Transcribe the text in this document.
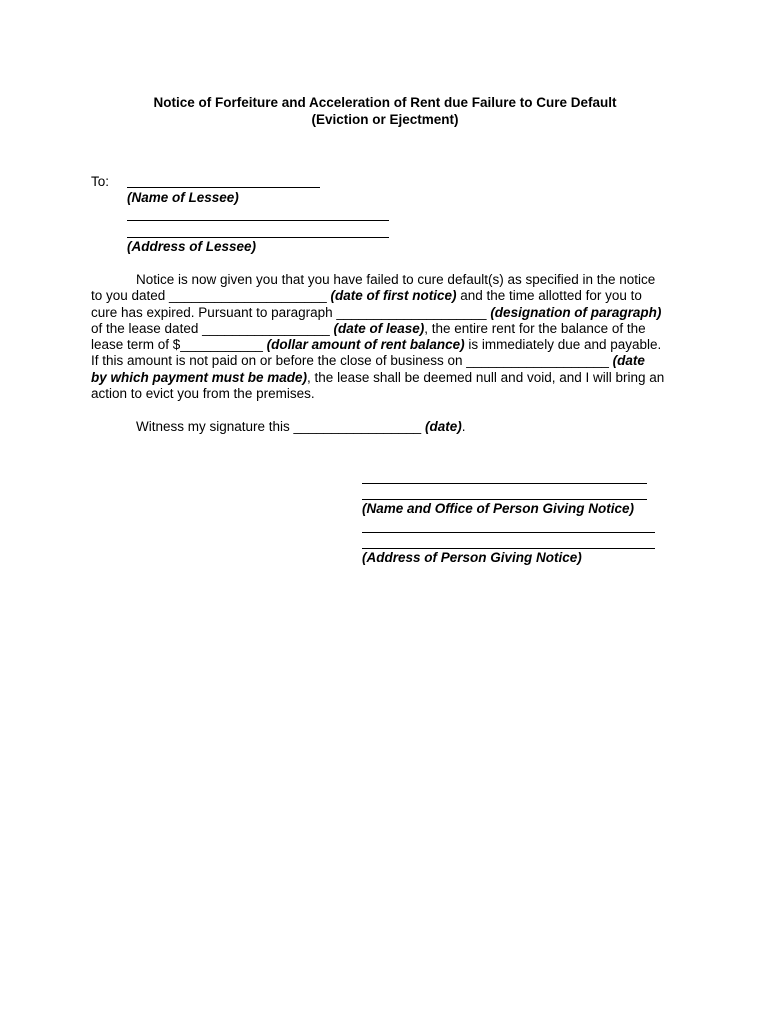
Notice of Forfeiture and Acceleration of Rent due Failure to Cure Default
(Eviction or Ejectment)
To:
(Name of Lessee)
(Address of Lessee)

Notice is now given you that you have failed to cure default(s) as specified in the notice

to you dated _____________________ (date of first notice) and the time allotted for you to

cure has expired. Pursuant to paragraph ____________________ (designation of paragraph)

of the lease dated _________________ (date of lease), the entire rent for the balance of the

lease term of $___________ (dollar amount of rent balance) is immediately due and payable.

If this amount is not paid on or before the close of business on ___________________ (date

by which payment must be made), the lease shall be deemed null and void, and I will bring an

action to evict you from the premises.

Witness my signature this _________________ (date).
(Name and Office of Person Giving Notice)
(Address of Person Giving Notice)
